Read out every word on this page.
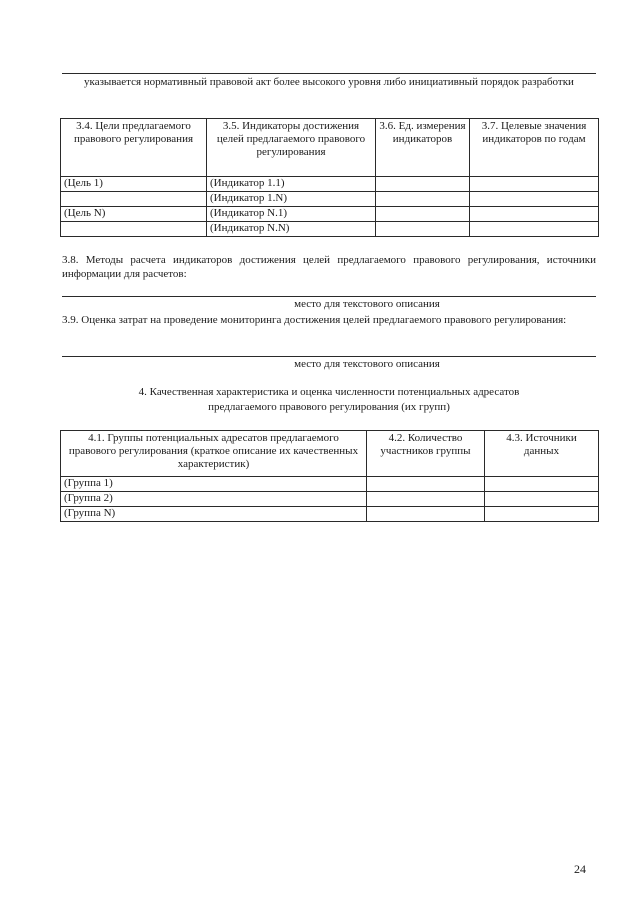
указывается нормативный правовой акт более высокого уровня либо инициативный порядок разработки
3.4. Цели предлагаемого правового регулирования	3.5. Индикаторы достижения целей предлагаемого правового регулирования	3.6. Ед. измерения индикаторов	3.7. Целевые значения индикаторов по годам
(Цель 1)	(Индикатор 1.1)		
	(Индикатор 1.N)		
(Цель N)	(Индикатор N.1)		
	(Индикатор N.N)		
3.8. Методы расчета индикаторов достижения целей предлагаемого правового регулирования, источники информации для расчетов:
место для текстового описания
3.9. Оценка затрат на проведение мониторинга достижения целей предлагаемого правового регулирования:
место для текстового описания
4. Качественная характеристика и оценка численности потенциальных адресатов
предлагаемого правового регулирования (их групп)
4.1. Группы потенциальных адресатов предлагаемого правового регулирования (краткое описание их качественных характеристик)	4.2. Количество участников группы	4.3. Источники данных
(Группа 1)		
(Группа 2)		
(Группа N)		
24
